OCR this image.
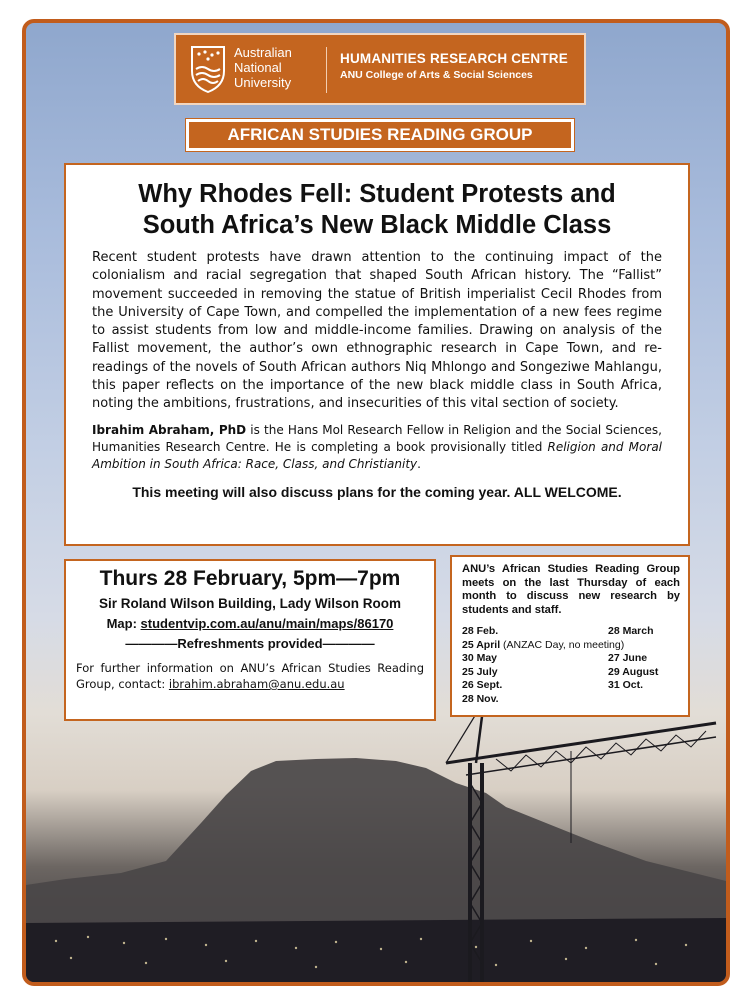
Australian
National
University
HUMANITIES RESEARCH CENTRE
ANU College of Arts & Social Sciences
AFRICAN STUDIES READING GROUP
Why Rhodes Fell: Student Protests and
South Africa’s New Black Middle Class

Recent student protests have drawn attention to the continuing impact of the colonialism and racial segregation that shaped South African history. The “Fallist” movement succeeded in removing the statue of British imperialist Cecil Rhodes from the University of Cape Town, and compelled the implementation of a new fees regime to assist students from low and middle-income families. Drawing on analysis of the Fallist movement, the author’s own ethnographic research in Cape Town, and re-readings of the novels of South African authors Niq Mhlongo and Songeziwe Mahlangu, this paper reflects on the importance of the new black middle class in South Africa, noting the ambitions, frustrations, and insecurities of this vital section of society.

Ibrahim Abraham, PhD is the Hans Mol Research Fellow in Religion and the Social Sciences, Humanities Research Centre. He is completing a book provisionally titled Religion and Moral Ambition in South Africa: Race, Class, and Christianity.

This meeting will also discuss plans for the coming year. ALL WELCOME.

Thurs 28 February, 5pm—7pm

Sir Roland Wilson Building, Lady Wilson Room

Map: studentvip.com.au/anu/main/maps/86170

————Refreshments provided————

For further information on ANU’s African Studies Reading Group, contact: ibrahim.abraham@anu.edu.au

ANU’s African Studies Reading Group meets on the last Thursday of each month to discuss new research by students and staff.

28 Feb.	28 March
25 April (ANZAC Day, no meeting)
30 May	27 June
25 July	29 August
26 Sept.	31 Oct.
28 Nov.
